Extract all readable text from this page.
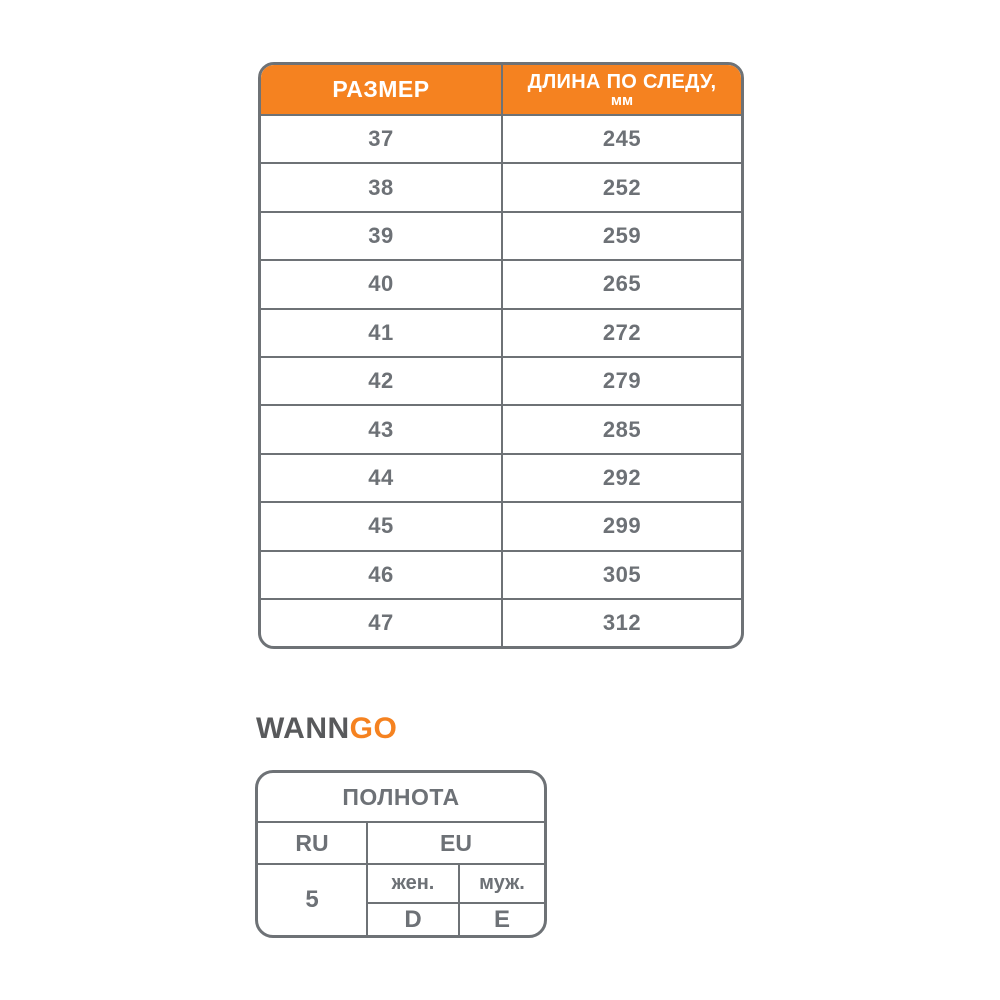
РАЗМЕР	ДЛИНА ПО СЛЕДУ,
мм
37	245
38	252
39	259
40	265
41	272
42	279
43	285
44	292
45	299
46	305
47	312
WANNGO
ПОЛНОТА
RU	EU
5
жен.	муж.
D	E
